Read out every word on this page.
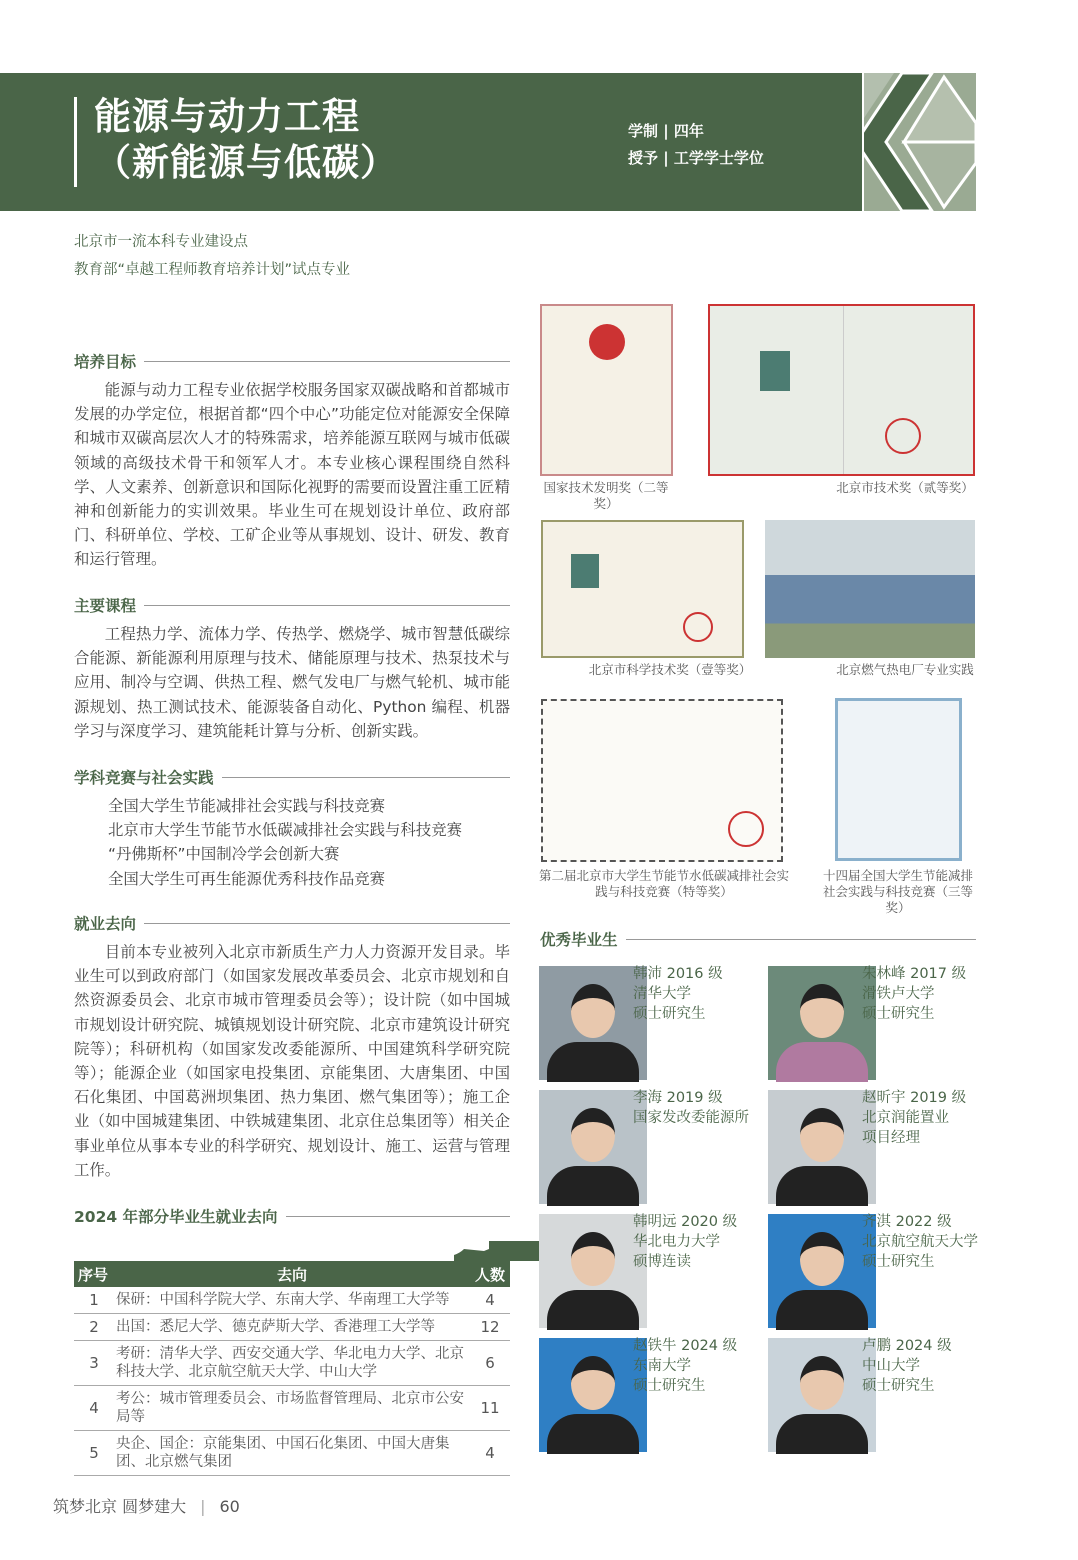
能源与动力工程
（新能源与低碳）
学制 | 四年
授予 | 工学学士学位
北京市一流本科专业建设点
教育部“卓越工程师教育培养计划”试点专业
培养目标
能源与动力工程专业依据学校服务国家双碳战略和首都城市发展的办学定位，根据首都“四个中心”功能定位对能源安全保障和城市双碳高层次人才的特殊需求，培养能源互联网与城市低碳领域的高级技术骨干和领军人才。本专业核心课程围绕自然科学、人文素养、创新意识和国际化视野的需要而设置注重工匠精神和创新能力的实训效果。毕业生可在规划设计单位、政府部门、科研单位、学校、工矿企业等从事规划、设计、研发、教育和运行管理。
主要课程
工程热力学、流体力学、传热学、燃烧学、城市智慧低碳综合能源、新能源利用原理与技术、储能原理与技术、热泵技术与应用、制冷与空调、供热工程、燃气发电厂与燃气轮机、城市能源规划、热工测试技术、能源装备自动化、Python 编程、机器学习与深度学习、建筑能耗计算与分析、创新实践。
学科竞赛与社会实践
全国大学生节能减排社会实践与科技竞赛
北京市大学生节能节水低碳减排社会实践与科技竞赛
“丹佛斯杯”中国制冷学会创新大赛
全国大学生可再生能源优秀科技作品竞赛
就业去向
目前本专业被列入北京市新质生产力人力资源开发目录。毕业生可以到政府部门（如国家发展改革委员会、北京市规划和自然资源委员会、北京市城市管理委员会等）；设计院（如中国城市规划设计研究院、城镇规划设计研究院、北京市建筑设计研究院等）；科研机构（如国家发改委能源所、中国建筑科学研究院等）；能源企业（如国家电投集团、京能集团、大唐集团、中国石化集团、中国葛洲坝集团、热力集团、燃气集团等）；施工企业（如中国城建集团、中铁城建集团、北京住总集团等）相关企事业单位从事本专业的科学研究、规划设计、施工、运营与管理工作。
2024 年部分毕业生就业去向
序号	去向	人数
1	保研：中国科学院大学、东南大学、华南理工大学等	4
2	出国：悉尼大学、德克萨斯大学、香港理工大学等	12
3	考研：清华大学、西安交通大学、华北电力大学、北京科技大学、北京航空航天大学、中山大学	6
4	考公：城市管理委员会、市场监督管理局、北京市公安局等	11
5	央企、国企：京能集团、中国石化集团、中国大唐集团、北京燃气集团	4
国家技术发明奖（二等奖）
北京市技术奖（贰等奖）
北京市科学技术奖（壹等奖）	北京燃气热电厂专业实践
第二届北京市大学生节能节水低碳减排社会实践与科技竞赛（特等奖）
十四届全国大学生节能减排社会实践与科技竞赛（三等奖）
优秀毕业生
韩沛 2016 级
清华大学
硕士研究生
朱林峰 2017 级
滑铁卢大学
硕士研究生
李海 2019 级
国家发改委能源所
赵昕宇 2019 级
北京润能置业
项目经理
韩明远 2020 级
华北电力大学
硕博连读
齐淇 2022 级
北京航空航天大学
硕士研究生
赵铁牛 2024 级
东南大学
硕士研究生
卢鹏 2024 级
中山大学
硕士研究生
筑梦北京 圆梦建大 | 60
